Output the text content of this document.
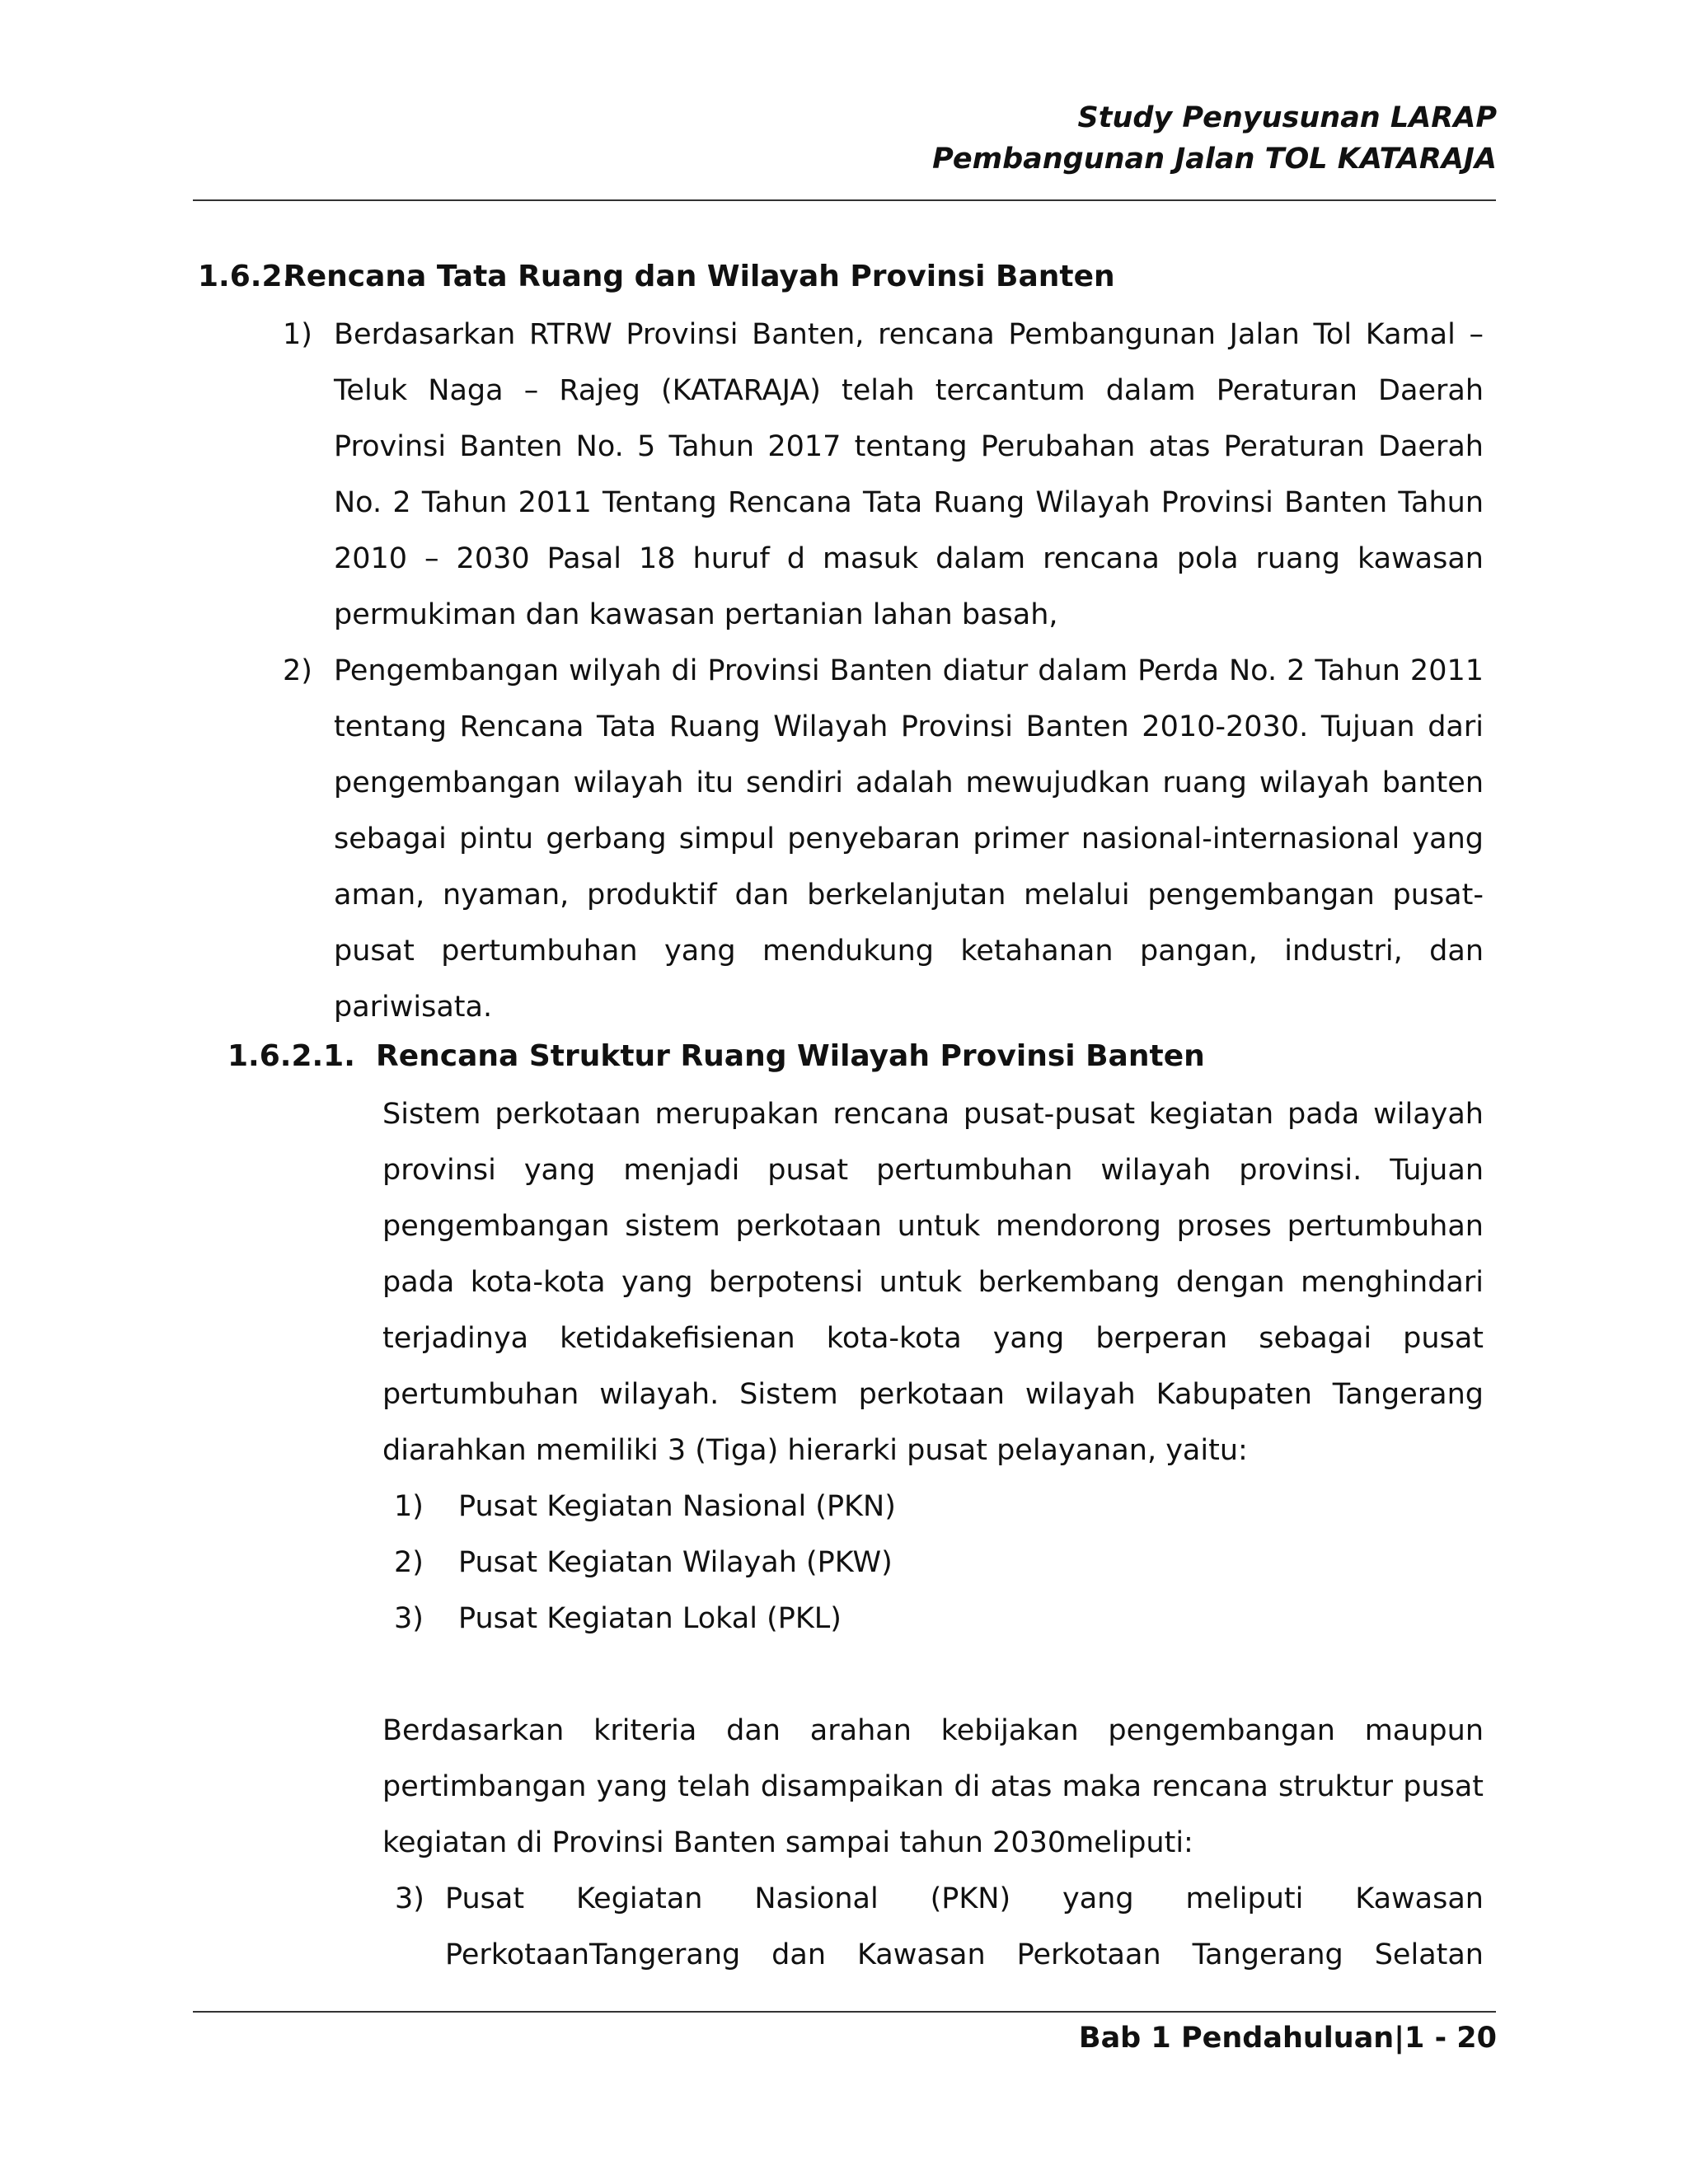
Study Penyusunan LARAP
Pembangunan Jalan TOL KATARAJA
1.6.2.Rencana Tata Ruang dan Wilayah Provinsi Banten
1) Berdasarkan RTRW Provinsi Banten, rencana Pembangunan Jalan Tol Kamal – Teluk Naga – Rajeg (KATARAJA) telah tercantum dalam Peraturan Daerah Provinsi Banten No. 5 Tahun 2017 tentang Perubahan atas Peraturan Daerah No. 2 Tahun 2011 Tentang Rencana Tata Ruang Wilayah Provinsi Banten Tahun 2010 – 2030 Pasal 18 huruf d masuk dalam rencana pola ruang kawasan permukiman dan kawasan pertanian lahan basah,
2) Pengembangan wilyah di Provinsi Banten diatur dalam Perda No. 2 Tahun 2011 tentang Rencana Tata Ruang Wilayah Provinsi Banten 2010-2030. Tujuan dari pengembangan wilayah itu sendiri adalah mewujudkan ruang wilayah banten sebagai pintu gerbang simpul penyebaran primer nasional-internasional yang aman, nyaman, produktif dan berkelanjutan melalui pengembangan pusat-pusat pertumbuhan yang mendukung ketahanan pangan, industri, dan pariwisata.
1.6.2.1. Rencana Struktur Ruang Wilayah Provinsi Banten

Sistem perkotaan merupakan rencana pusat-pusat kegiatan pada wilayah provinsi yang menjadi pusat pertumbuhan wilayah provinsi. Tujuan pengembangan sistem perkotaan untuk mendorong proses pertumbuhan pada kota-kota yang berpotensi untuk berkembang dengan menghindari terjadinya ketidakefisienan kota-kota yang berperan sebagai pusat pertumbuhan wilayah. Sistem perkotaan wilayah Kabupaten Tangerang diarahkan memiliki 3 (Tiga) hierarki pusat pelayanan, yaitu:

1) Pusat Kegiatan Nasional (PKN)
2) Pusat Kegiatan Wilayah (PKW)
3) Pusat Kegiatan Lokal (PKL)

Berdasarkan kriteria dan arahan kebijakan pengembangan maupun pertimbangan yang telah disampaikan di atas maka rencana struktur pusat kegiatan di Provinsi Banten sampai tahun 2030meliputi:

3) Pusat Kegiatan Nasional (PKN) yang meliputi Kawasan PerkotaanTangerang dan Kawasan Perkotaan Tangerang Selatan
Bab 1 Pendahuluan|1 - 20
